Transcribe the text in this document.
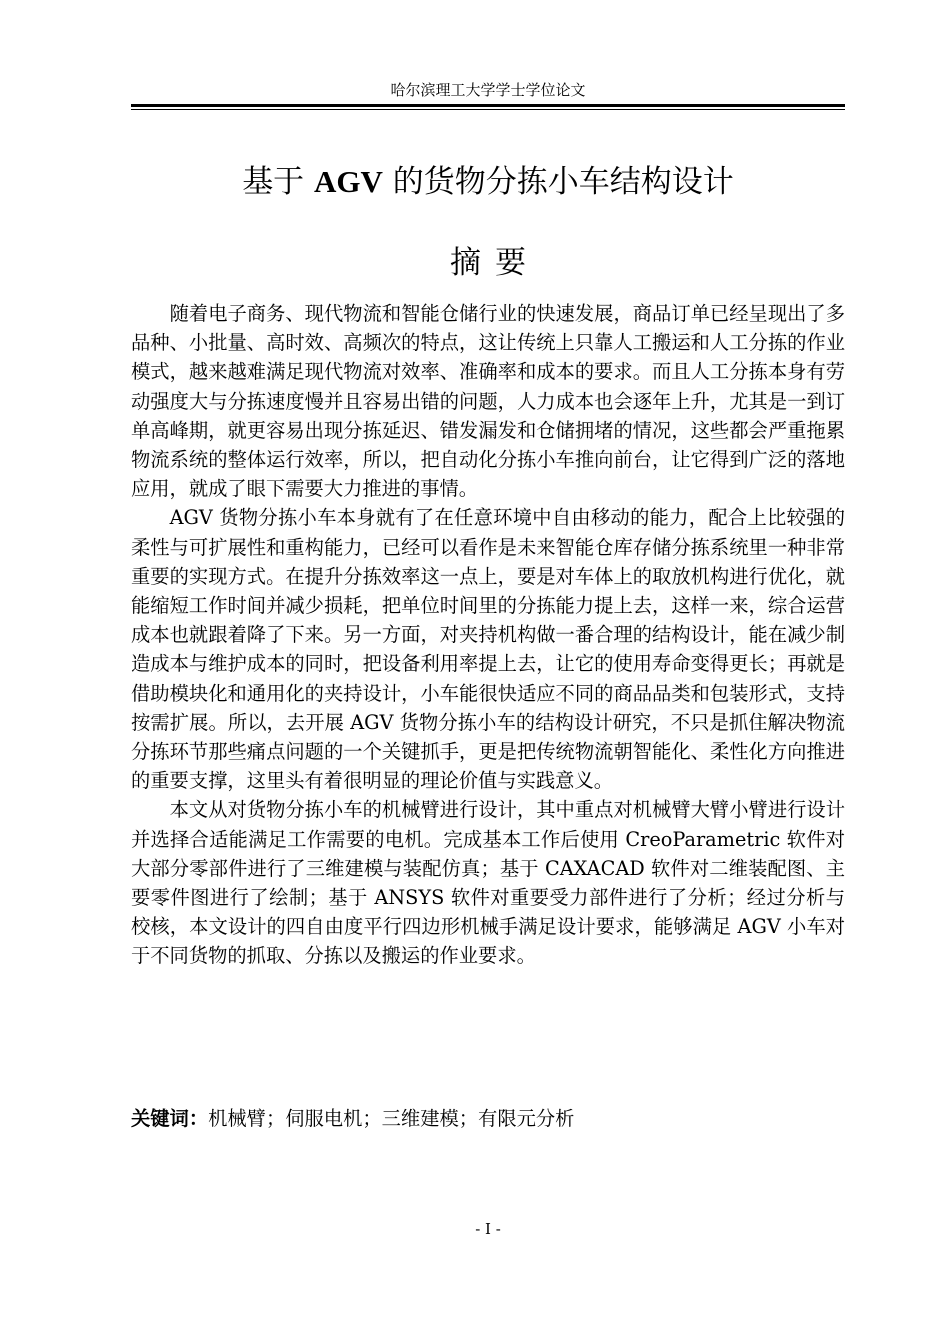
哈尔滨理工大学学士学位论文
基于 AGV 的货物分拣小车结构设计
摘要

随着电子商务、现代物流和智能仓储行业的快速发展，商品订单已经呈现出了多品种、小批量、高时效、高频次的特点，这让传统上只靠人工搬运和人工分拣的作业模式，越来越难满足现代物流对效率、准确率和成本的要求。而且人工分拣本身有劳动强度大与分拣速度慢并且容易出错的问题，人力成本也会逐年上升，尤其是一到订单高峰期，就更容易出现分拣延迟、错发漏发和仓储拥堵的情况，这些都会严重拖累物流系统的整体运行效率，所以，把自动化分拣小车推向前台，让它得到广泛的落地应用，就成了眼下需要大力推进的事情。

AGV 货物分拣小车本身就有了在任意环境中自由移动的能力，配合上比较强的柔性与可扩展性和重构能力，已经可以看作是未来智能仓库存储分拣系统里一种非常重要的实现方式。在提升分拣效率这一点上，要是对车体上的取放机构进行优化，就能缩短工作时间并减少损耗，把单位时间里的分拣能力提上去，这样一来，综合运营成本也就跟着降了下来。另一方面，对夹持机构做一番合理的结构设计，能在减少制造成本与维护成本的同时，把设备利用率提上去，让它的使用寿命变得更长；再就是借助模块化和通用化的夹持设计，小车能很快适应不同的商品品类和包装形式，支持按需扩展。所以，去开展 AGV 货物分拣小车的结构设计研究，不只是抓住解决物流分拣环节那些痛点问题的一个关键抓手，更是把传统物流朝智能化、柔性化方向推进的重要支撑，这里头有着很明显的理论价值与实践意义。

本文从对货物分拣小车的机械臂进行设计，其中重点对机械臂大臂小臂进行设计并选择合适能满足工作需要的电机。完成基本工作后使用 CreoParametric 软件对大部分零部件进行了三维建模与装配仿真；基于 CAXACAD 软件对二维装配图、主要零件图进行了绘制；基于 ANSYS 软件对重要受力部件进行了分析；经过分析与校核，本文设计的四自由度平行四边形机械手满足设计要求，能够满足 AGV 小车对于不同货物的抓取、分拣以及搬运的作业要求。

关键词：机械臂；伺服电机；三维建模；有限元分析
- I -
